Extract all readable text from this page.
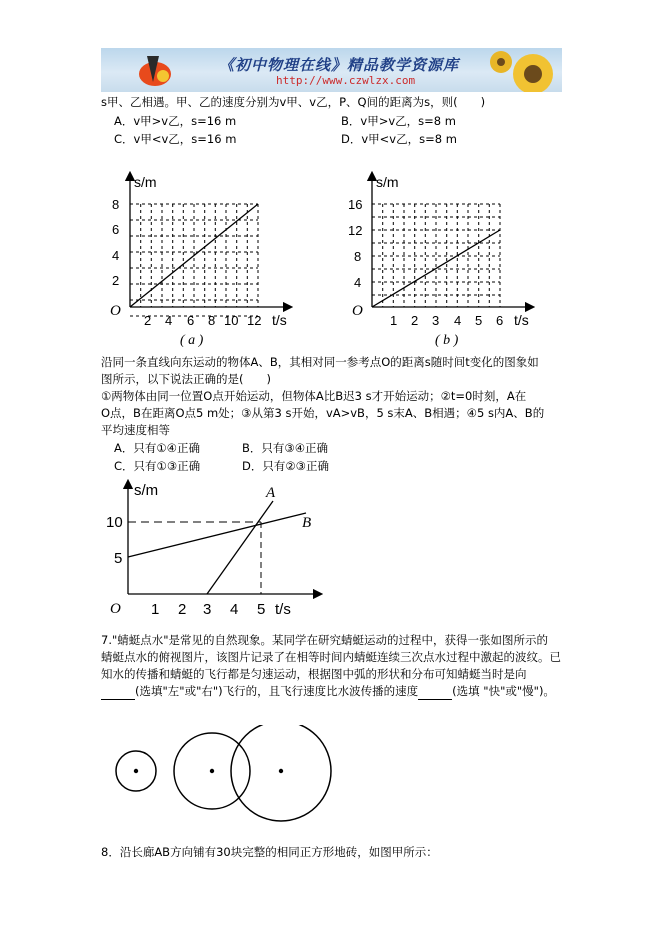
《初中物理在线》精品教学资源库
http://www.czwlzx.com
s甲、乙相遇。甲、乙的速度分别为v甲、v乙，P、Q间的距离为s，则(　　)
A．v甲>v乙，s=16 m	B．v甲>v乙，s=8 m
C．v甲<v乙，s=16 m	D．v甲<v乙，s=8 m
s/m
t/s
O
8
6
4
2
2 4 6 8 10 12
( a )
s/m
t/s
O
16
12
8
4
1 2 3 4 5 6
( b )
沿同一条直线向东运动的物体A、B，其相对同一参考点O的距离s随时间t变化的图象如
图所示，以下说法正确的是(　　)
①两物体由同一位置O点开始运动，但物体A比B迟3 s才开始运动；②t=0时刻，A在
O点，B在距离O点5 m处；③从第3 s开始，vA>vB，5 s末A、B相遇；④5 s内A、B的
平均速度相等
A．只有①④正确	B．只有③④正确
C．只有①③正确	D．只有②③正确
A
B
s/m
t/s
O
10
5
1 2 3 4 5
7."蜻蜓点水"是常见的自然现象。某同学在研究蜻蜓运动的过程中，获得一张如图所示的
蜻蜓点水的俯视图片，该图片记录了在相等时间内蜻蜓连续三次点水过程中激起的波纹。已
知水的传播和蜻蜓的飞行都是匀速运动，根据图中弧的形状和分布可知蜻蜓当时是向
(选填"左"或"右")飞行的，且飞行速度比水波传播的速度	(选填 "快"或"慢")。
8．沿长廊AB方向铺有30块完整的相同正方形地砖，如图甲所示：
